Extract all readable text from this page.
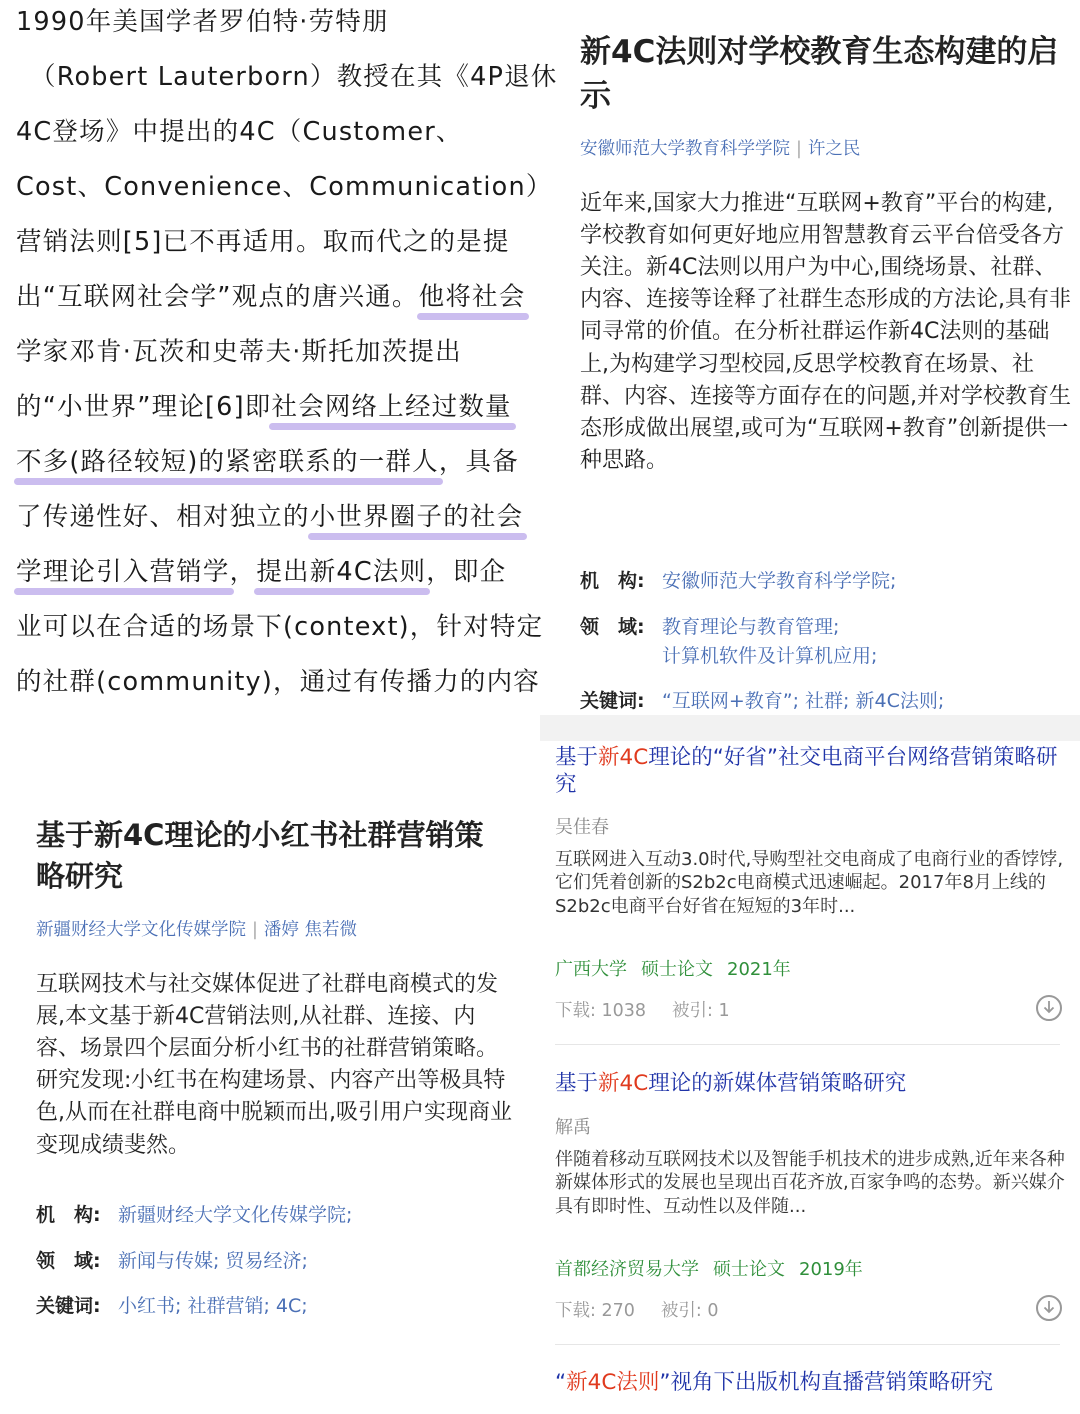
1990年美国学者罗伯特·劳特朋
（Robert Lauterborn）教授在其《4P退休
4C登场》中提出的4C（Customer、
Cost、Convenience、Communication）
营销法则[5]已不再适用。取而代之的是提
出“互联网社会学”观点的唐兴通。他将社会
学家邓肯·瓦茨和史蒂夫·斯托加茨提出
的“小世界”理论[6]即社会网络上经过数量
不多(路径较短)的紧密联系的一群人，具备
了传递性好、相对独立的小世界圈子的社会
学理论引入营销学，提出新4C法则，即企
业可以在合适的场景下(context)，针对特定
的社群(community)，通过有传播力的内容
新4C法则对学校教育生态构建的启示
安徽师范大学教育科学学院 | 许之民
近年来,国家大力推进“互联网+教育”平台的构建,学校教育如何更好地应用智慧教育云平台倍受各方关注。新4C法则以用户为中心,围绕场景、社群、内容、连接等诠释了社群生态形成的方法论,具有非同寻常的价值。在分析社群运作新4C法则的基础上,为构建学习型校园,反思学校教育在场景、社群、内容、连接等方面存在的问题,并对学校教育生态形成做出展望,或可为“互联网+教育”创新提供一种思路。
机　构: 安徽师范大学教育科学学院;
领　域: 教育理论与教育管理;
计算机软件及计算机应用;
关键词: “互联网+教育”; 社群; 新4C法则;
基于新4C理论的小红书社群营销策略研究
新疆财经大学文化传媒学院 | 潘婷 焦若微
互联网技术与社交媒体促进了社群电商模式的发展,本文基于新4C营销法则,从社群、连接、内容、场景四个层面分析小红书的社群营销策略。研究发现:小红书在构建场景、内容产出等极具特色,从而在社群电商中脱颖而出,吸引用户实现商业变现成绩斐然。
机　构: 新疆财经大学文化传媒学院;
领　域: 新闻与传媒; 贸易经济;
关键词: 小红书; 社群营销; 4C;
基于新4C理论的“好省”社交电商平台网络营销策略研究
吴佳春
互联网进入互动3.0时代,导购型社交电商成了电商行业的香饽饽,它们凭着创新的S2b2c电商模式迅速崛起。2017年8月上线的S2b2c电商平台好省在短短的3年时...
广西大学 硕士论文 2021年
下载: 1038 被引: 1
基于新4C理论的新媒体营销策略研究
解禹
伴随着移动互联网技术以及智能手机技术的进步成熟,近年来各种新媒体形式的发展也呈现出百花齐放,百家争鸣的态势。新兴媒介具有即时性、互动性以及伴随...
首都经济贸易大学 硕士论文 2019年
下载: 270 被引: 0
“新4C法则”视角下出版机构直播营销策略研究
